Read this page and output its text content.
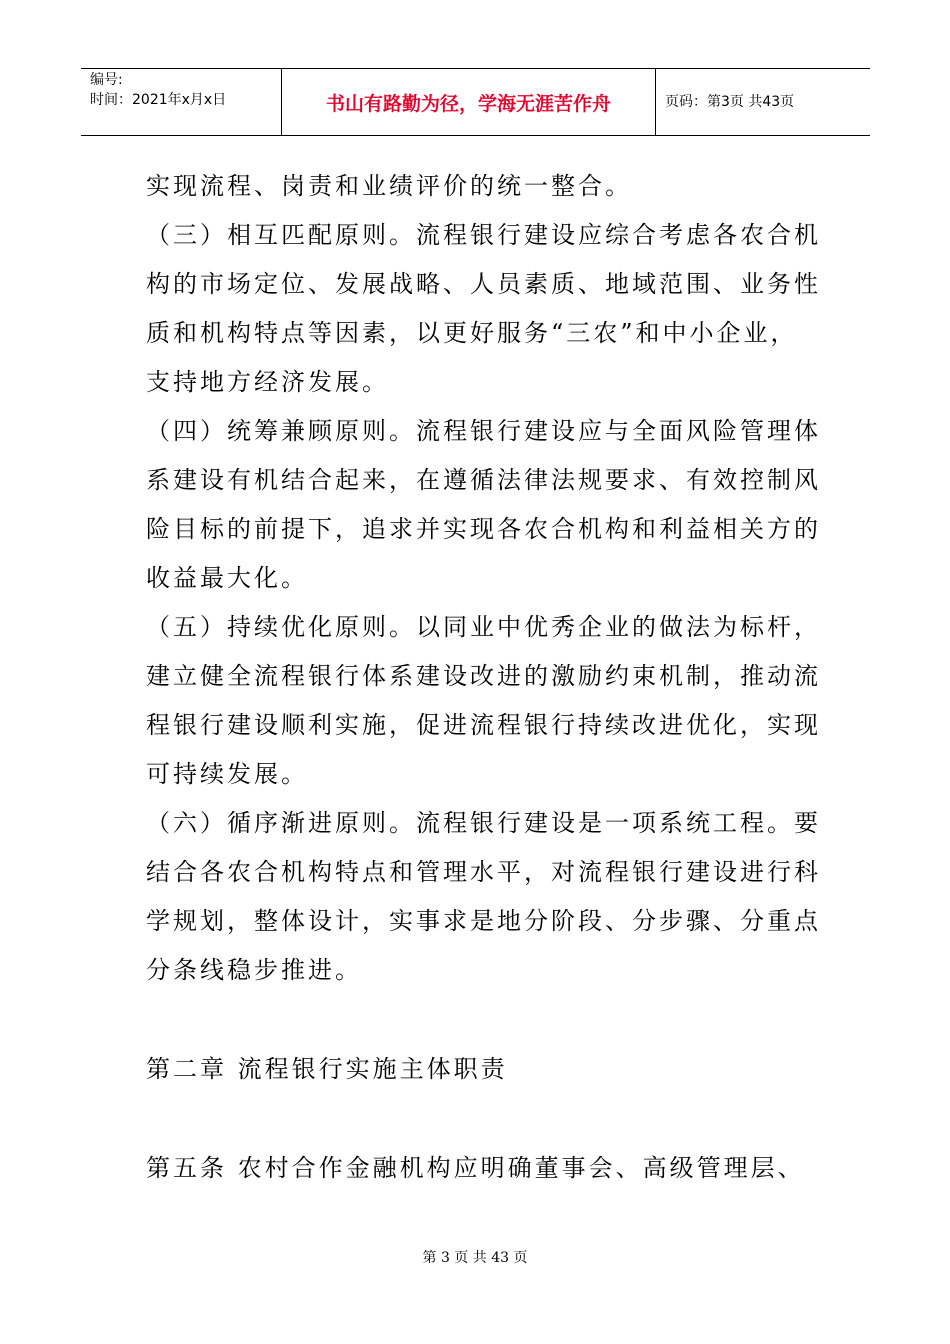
编号:
时间：2021年x月x日	书山有路勤为径，学海无涯苦作舟	页码：第3页 共43页
实现流程、岗责和业绩评价的统一整合。
（三）相互匹配原则。流程银行建设应综合考虑各农合机
构的市场定位、发展战略、人员素质、地域范围、业务性
质和机构特点等因素，以更好服务“三农”和中小企业，
支持地方经济发展。
（四）统筹兼顾原则。流程银行建设应与全面风险管理体
系建设有机结合起来，在遵循法律法规要求、有效控制风
险目标的前提下，追求并实现各农合机构和利益相关方的
收益最大化。
（五）持续优化原则。以同业中优秀企业的做法为标杆，
建立健全流程银行体系建设改进的激励约束机制，推动流
程银行建设顺利实施，促进流程银行持续改进优化，实现
可持续发展。
（六）循序渐进原则。流程银行建设是一项系统工程。要
结合各农合机构特点和管理水平，对流程银行建设进行科
学规划，整体设计，实事求是地分阶段、分步骤、分重点
分条线稳步推进。
第二章 流程银行实施主体职责
第五条 农村合作金融机构应明确董事会、高级管理层、
第 3 页 共 43 页
